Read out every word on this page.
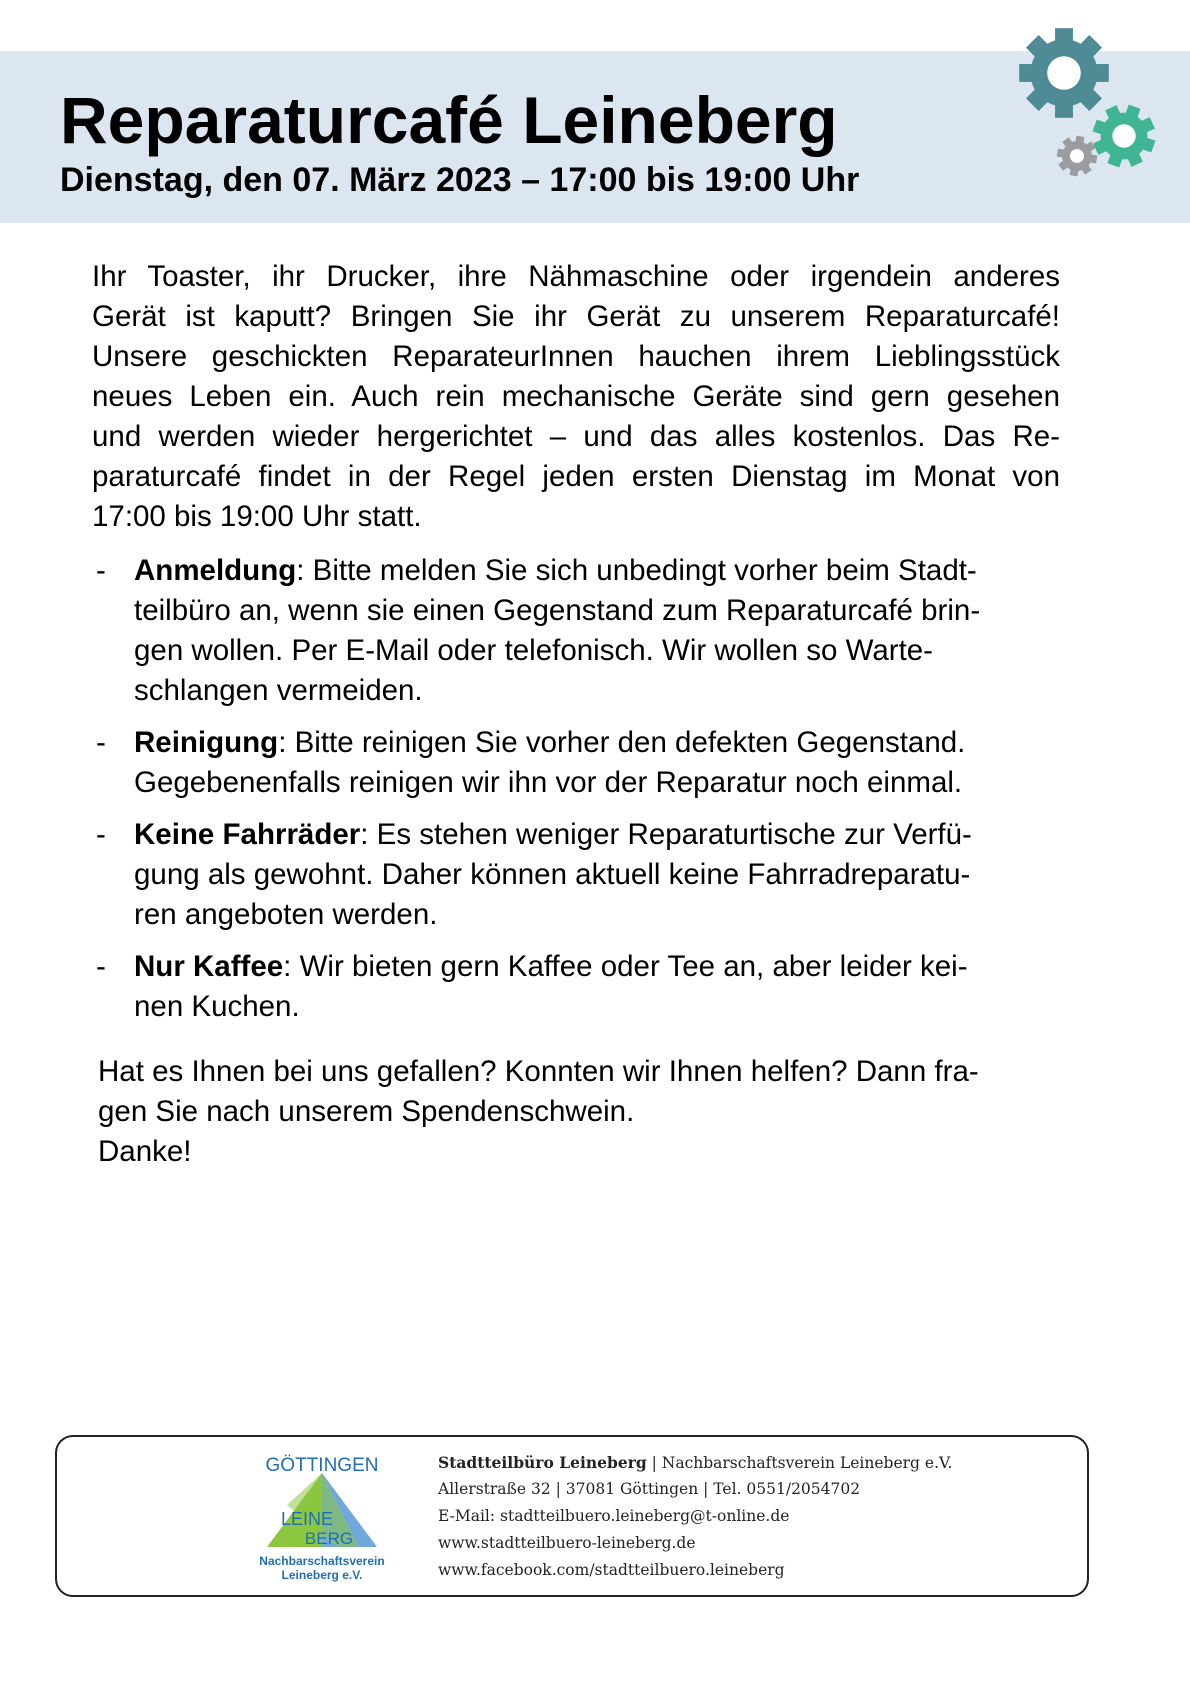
Reparaturcafé Leineberg
Dienstag, den 07. März 2023 – 17:00 bis 19:00 Uhr
Ihr Toaster, ihr Drucker, ihre Nähmaschine oder irgendein anderes
Gerät ist kaputt? Bringen Sie ihr Gerät zu unserem Reparaturcafé!
Unsere geschickten ReparateurInnen hauchen ihrem Lieblingsstück
neues Leben ein. Auch rein mechanische Geräte sind gern gesehen
und werden wieder hergerichtet – und das alles kostenlos. Das Re-
paraturcafé findet in der Regel jeden ersten Dienstag im Monat von
17:00 bis 19:00 Uhr statt.
- Anmeldung: Bitte melden Sie sich unbedingt vorher beim Stadt-
teilbüro an, wenn sie einen Gegenstand zum Reparaturcafé brin-
gen wollen. Per E-Mail oder telefonisch. Wir wollen so Warte-
schlangen vermeiden.
- Reinigung: Bitte reinigen Sie vorher den defekten Gegenstand.
Gegebenenfalls reinigen wir ihn vor der Reparatur noch einmal.
- Keine Fahrräder: Es stehen weniger Reparaturtische zur Verfü-
gung als gewohnt. Daher können aktuell keine Fahrradreparatu-
ren angeboten werden.
- Nur Kaffee: Wir bieten gern Kaffee oder Tee an, aber leider kei-
nen Kuchen.

Hat es Ihnen bei uns gefallen? Konnten wir Ihnen helfen? Dann fra-

gen Sie nach unserem Spendenschwein.

Danke!

GÖTTINGEN
LEINE
BERG
Nachbarschaftsverein
Leineberg e.V.
Stadtteilbüro Leineberg | Nachbarschaftsverein Leineberg e.V.
Allerstraße 32 | 37081 Göttingen | Tel. 0551/2054702
E-Mail: stadtteilbuero.leineberg@t-online.de
www.stadtteilbuero-leineberg.de
www.facebook.com/stadtteilbuero.leineberg
